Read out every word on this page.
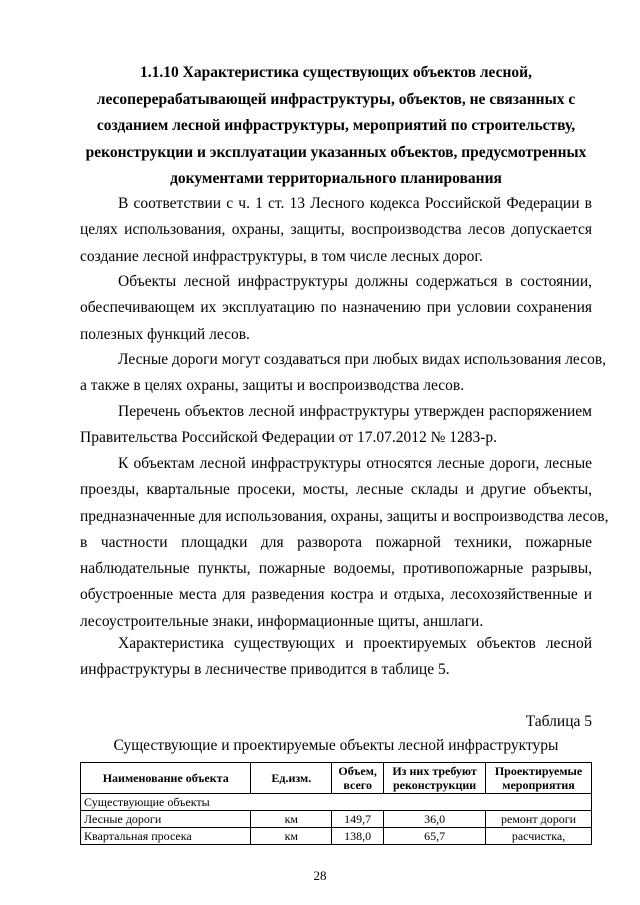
1.1.10 Характеристика существующих объектов лесной,
лесоперерабатывающей инфраструктуры, объектов, не связанных с
созданием лесной инфраструктуры, мероприятий по строительству,
реконструкции и эксплуатации указанных объектов, предусмотренных
документами территориального планирования
В соответствии с ч. 1 ст. 13 Лесного кодекса Российской Федерации в
целях использования, охраны, защиты, воспроизводства лесов допускается
создание лесной инфраструктуры, в том числе лесных дорог.
Объекты лесной инфраструктуры должны содержаться в состоянии,
обеспечивающем их эксплуатацию по назначению при условии сохранения
полезных функций лесов.
Лесные дороги могут создаваться при любых видах использования лесов,
а также в целях охраны, защиты и воспроизводства лесов.
Перечень объектов лесной инфраструктуры утвержден распоряжением
Правительства Российской Федерации от 17.07.2012 № 1283-р.
К объектам лесной инфраструктуры относятся лесные дороги, лесные
проезды, квартальные просеки, мосты, лесные склады и другие объекты,
предназначенные для использования, охраны, защиты и воспроизводства лесов,
в частности площадки для разворота пожарной техники, пожарные
наблюдательные пункты, пожарные водоемы, противопожарные разрывы,
обустроенные места для разведения костра и отдыха, лесохозяйственные и
лесоустроительные знаки, информационные щиты, аншлаги.
Характеристика существующих и проектируемых объектов лесной
инфраструктуры в лесничестве приводится в таблице 5.
Таблица 5
Существующие и проектируемые объекты лесной инфраструктуры
Наименование объекта	Ед.изм.	Объем, всего	Из них требуют реконструкции	Проектируемые мероприятия
Существующие объекты				
Лесные дороги	км	149,7	36,0	ремонт дороги
Квартальная просека	км	138,0	65,7	расчистка,
28
